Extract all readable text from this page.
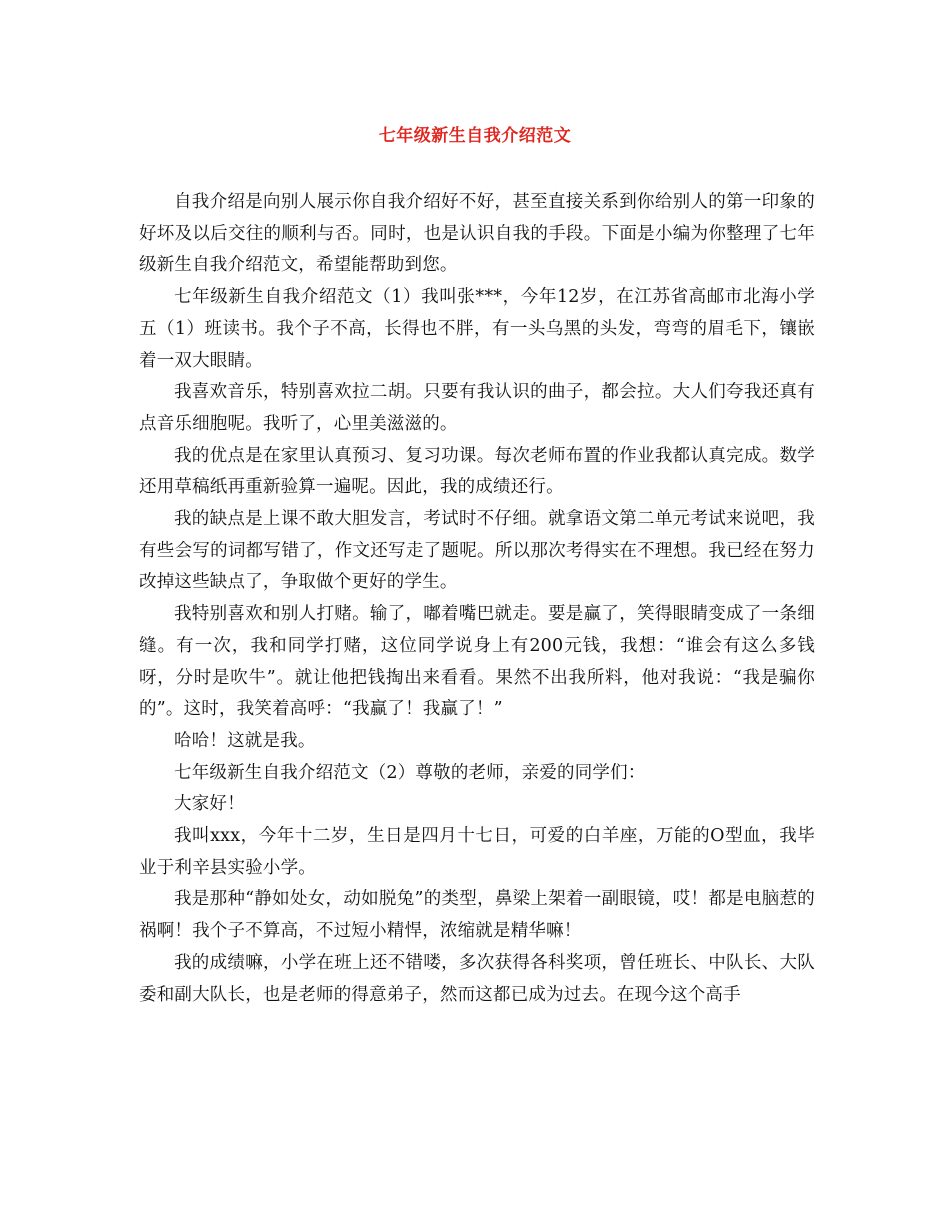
七年级新生自我介绍范文

自我介绍是向别人展示你自我介绍好不好，甚至直接关系到你给别人的第一印象的好坏及以后交往的顺利与否。同时，也是认识自我的手段。下面是小编为你整理了七年级新生自我介绍范文，希望能帮助到您。

七年级新生自我介绍范文（1）我叫张***，今年12岁，在江苏省高邮市北海小学五（1）班读书。我个子不高，长得也不胖，有一头乌黑的头发，弯弯的眉毛下，镶嵌着一双大眼睛。

我喜欢音乐，特别喜欢拉二胡。只要有我认识的曲子，都会拉。大人们夸我还真有点音乐细胞呢。我听了，心里美滋滋的。

我的优点是在家里认真预习、复习功课。每次老师布置的作业我都认真完成。数学还用草稿纸再重新验算一遍呢。因此，我的成绩还行。

我的缺点是上课不敢大胆发言，考试时不仔细。就拿语文第二单元考试来说吧，我有些会写的词都写错了，作文还写走了题呢。所以那次考得实在不理想。我已经在努力改掉这些缺点了，争取做个更好的学生。

我特别喜欢和别人打赌。输了，嘟着嘴巴就走。要是赢了，笑得眼睛变成了一条细缝。有一次，我和同学打赌，这位同学说身上有200元钱，我想：“谁会有这么多钱呀，分时是吹牛”。就让他把钱掏出来看看。果然不出我所料，他对我说：“我是骗你的”。这时，我笑着高呼：“我赢了！我赢了！”

哈哈！这就是我。

七年级新生自我介绍范文（2）尊敬的老师，亲爱的同学们：

大家好！

我叫xxx，今年十二岁，生日是四月十七日，可爱的白羊座，万能的O型血，我毕业于利辛县实验小学。

我是那种“静如处女，动如脱兔”的类型，鼻梁上架着一副眼镜，哎！都是电脑惹的祸啊！我个子不算高，不过短小精悍，浓缩就是精华嘛！

我的成绩嘛，小学在班上还不错喽，多次获得各科奖项，曾任班长、中队长、大队委和副大队长，也是老师的得意弟子，然而这都已成为过去。在现今这个高手
